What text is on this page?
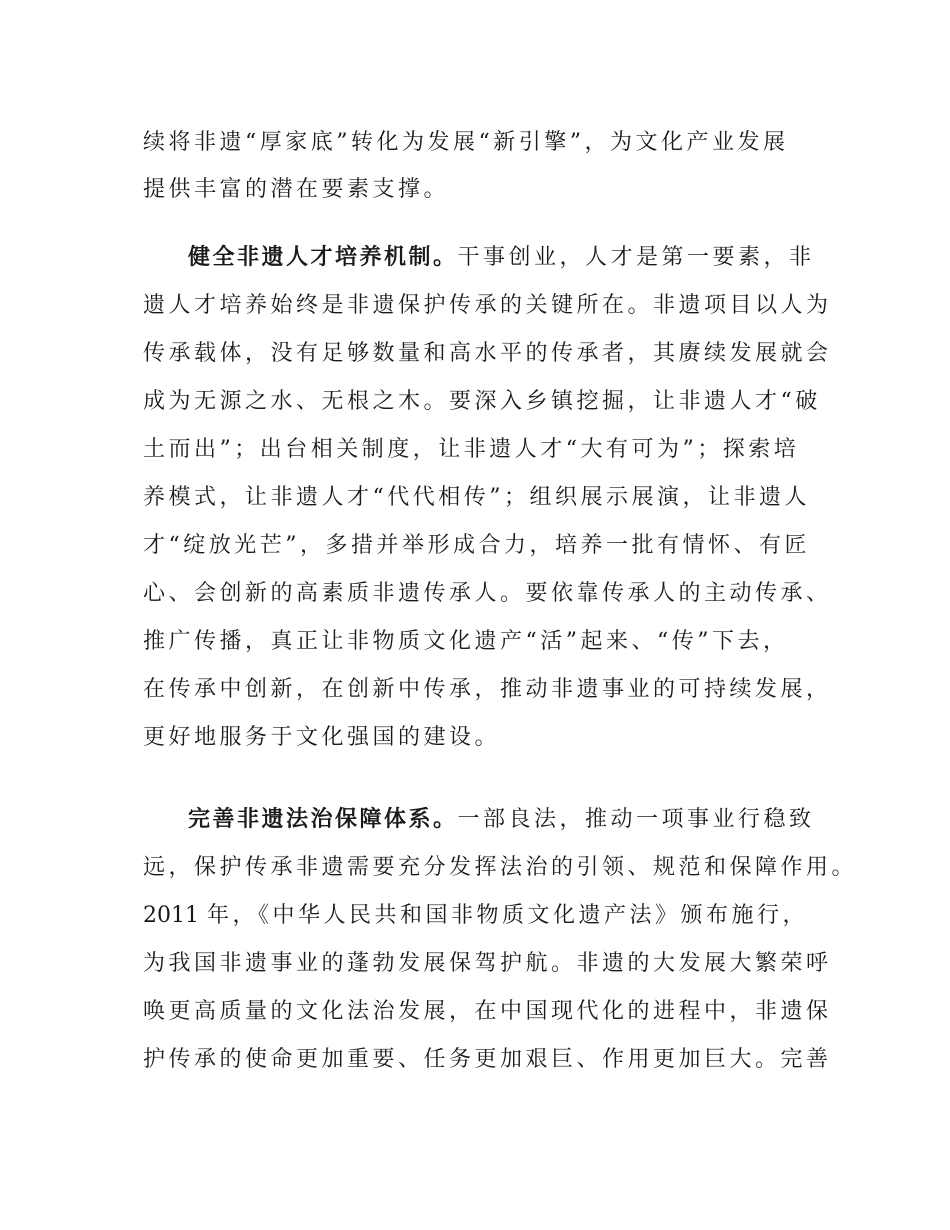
续将非遗“厚家底”转化为发展“新引擎”，为文化产业发展
提供丰富的潜在要素支撑。
健全非遗人才培养机制。干事创业，人才是第一要素，非
遗人才培养始终是非遗保护传承的关键所在。非遗项目以人为
传承载体，没有足够数量和高水平的传承者，其赓续发展就会
成为无源之水、无根之木。要深入乡镇挖掘，让非遗人才“破
土而出”；出台相关制度，让非遗人才“大有可为”；探索培
养模式，让非遗人才“代代相传”；组织展示展演，让非遗人
才“绽放光芒”，多措并举形成合力，培养一批有情怀、有匠
心、会创新的高素质非遗传承人。要依靠传承人的主动传承、
推广传播，真正让非物质文化遗产“活”起来、“传”下去，
在传承中创新，在创新中传承，推动非遗事业的可持续发展，
更好地服务于文化强国的建设。
完善非遗法治保障体系。一部良法，推动一项事业行稳致
远，保护传承非遗需要充分发挥法治的引领、规范和保障作用。
2011 年，《中华人民共和国非物质文化遗产法》颁布施行，
为我国非遗事业的蓬勃发展保驾护航。非遗的大发展大繁荣呼
唤更高质量的文化法治发展，在中国现代化的进程中，非遗保
护传承的使命更加重要、任务更加艰巨、作用更加巨大。完善
